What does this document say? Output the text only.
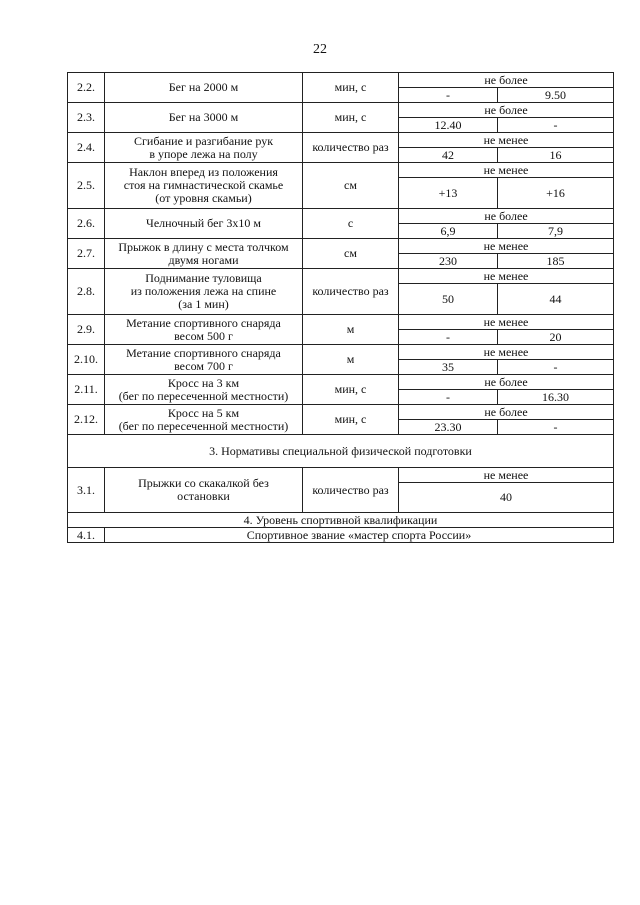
22
2.2.	Бег на 2000 м	мин, с	не более	
			-	9.50
2.3.	Бег на 3000 м	мин, с	не более	
			12.40	-
2.4.	Сгибание и разгибание рук
в упоре лежа на полу	количество раз	не менее	
			42	16
2.5.	Наклон вперед из положения
стоя на гимнастической скамье
(от уровня скамьи)	см	не менее	
			+13	+16
2.6.	Челночный бег 3х10 м	с	не более	
			6,9	7,9
2.7.	Прыжок в длину с места толчком
двумя ногами	см	не менее	
			230	185
2.8.	Поднимание туловища
из положения лежа на спине
(за 1 мин)	количество раз	не менее	
			50	44
2.9.	Метание спортивного снаряда
весом 500 г	м	не менее	
			-	20
2.10.	Метание спортивного снаряда
весом 700 г	м	не менее	
			35	-
2.11.	Кросс на 3 км
(бег по пересеченной местности)	мин, с	не более	
			-	16.30
2.12.	Кросс на 5 км
(бег по пересеченной местности)	мин, с	не более	
			23.30	-
3. Нормативы специальной физической подготовки				
3.1.	Прыжки со скакалкой без
остановки	количество раз	не менее	
			40	
4. Уровень спортивной квалификации				
4.1.	Спортивное звание «мастер спорта России»			
